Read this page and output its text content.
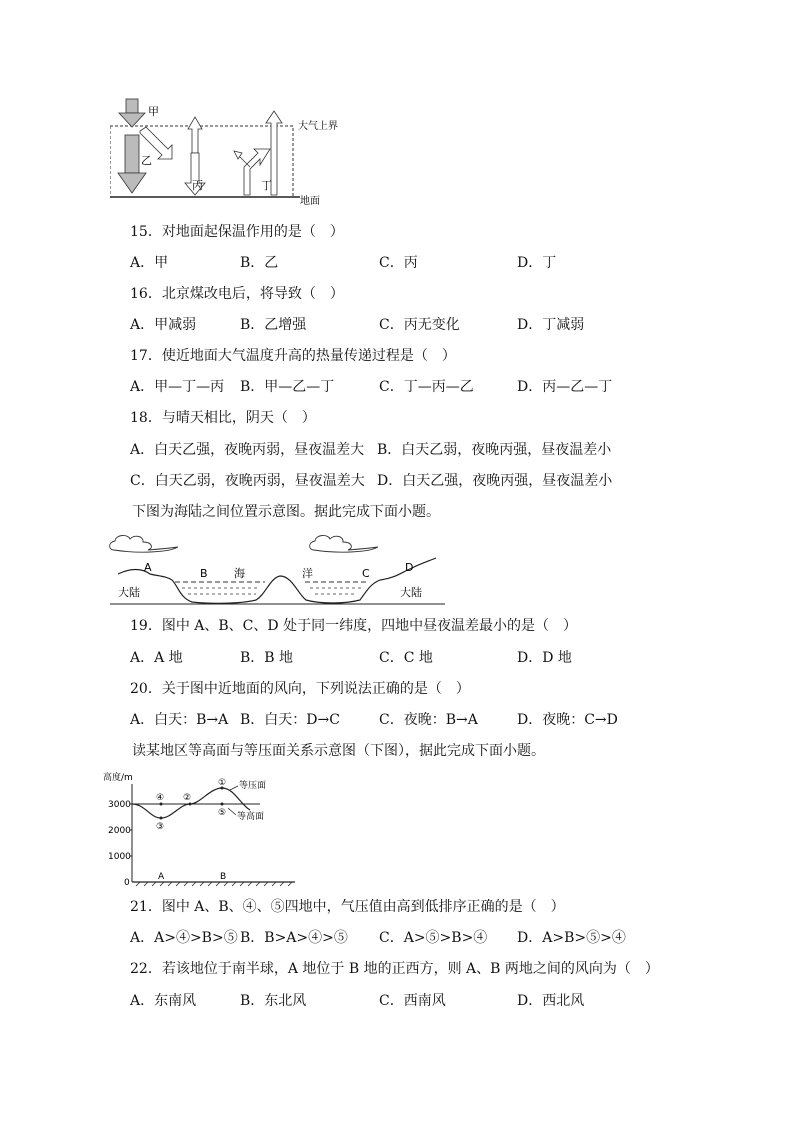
甲
乙
丙	丁
大气上界
地面
15．对地面起保温作用的是（　）
A．甲	B．乙	C．丙	D．丁
16．北京煤改电后，将导致（　）
A．甲减弱	B．乙增强	C．丙无变化	D．丁减弱
17．使近地面大气温度升高的热量传递过程是（　）
A．甲—丁—丙 B．甲—乙—丁	C．丁—丙—乙	D．丙—乙—丁
18．与晴天相比，阴天（　）
A．白天乙强，夜晚丙弱，昼夜温差大 B．白天乙弱，夜晚丙强，昼夜温差小
C．白天乙弱，夜晚丙弱，昼夜温差大 D．白天乙强，夜晚丙强，昼夜温差小
下图为海陆之间位置示意图。据此完成下面小题。
A	B 海	洋	C	D
大陆	大陆
19．图中 A、B、C、D 处于同一纬度，四地中昼夜温差最小的是（　）
A．A 地	B．B 地	C．C 地	D．D 地
20．关于图中近地面的风向，下列说法正确的是（　）
A．白天：B→A B．白天：D→C	C．夜晚：B→A	D．夜晚：C→D
读某地区等高面与等压面关系示意图（下图），据此完成下面小题。
高度/m
3000
2000
1000
0
①
②
③
④
⑤
等压面
等高面
A	B
21．图中 A、B、④、⑤四地中，气压值由高到低排序正确的是（　）
A．A>④>B>⑤ B．B>A>④>⑤ C．A>⑤>B>④ D．A>B>⑤>④
22．若该地位于南半球，A 地位于 B 地的正西方，则 A、B 两地之间的风向为（　）
A．东南风	B．东北风	C．西南风	D．西北风
